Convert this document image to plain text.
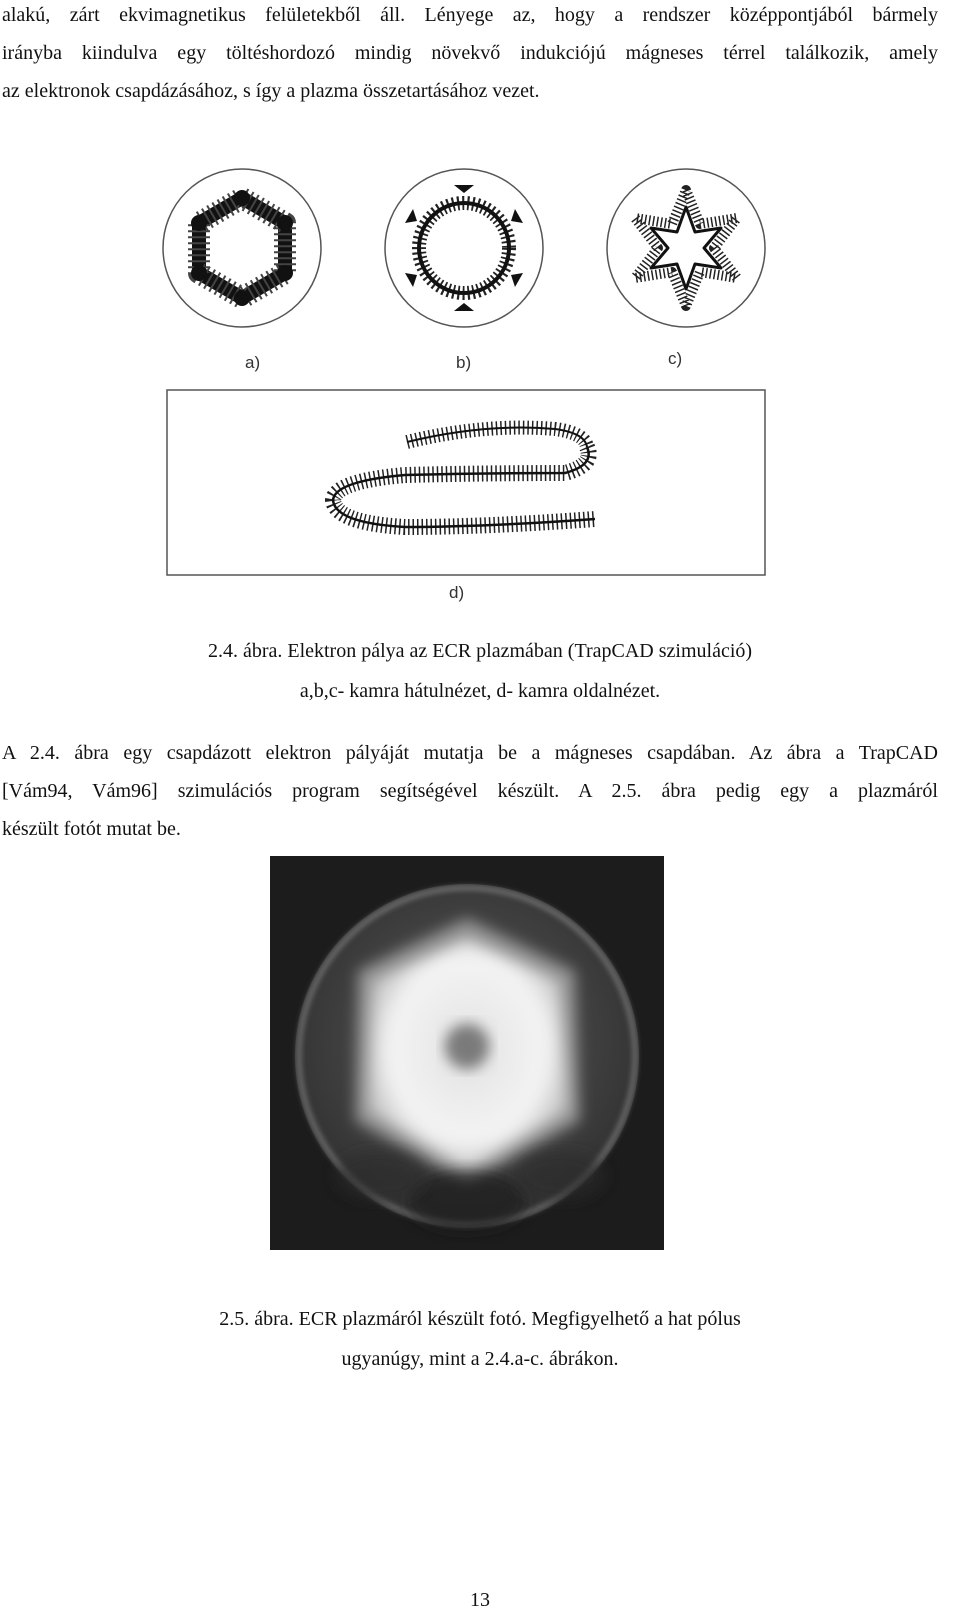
alakú, zárt ekvimagnetikus felületekből áll. Lényege az, hogy a rendszer középpontjából bármely
irányba kiindulva egy töltéshordozó mindig növekvő indukciójú mágneses térrel találkozik, amely
az elektronok csapdázásához, s így a plazma összetartásához vezet.
a)	b)	c)
d)
2.4. ábra. Elektron pálya az ECR plazmában (TrapCAD szimuláció)
a,b,c- kamra hátulnézet, d- kamra oldalnézet.
A 2.4. ábra egy csapdázott elektron pályáját mutatja be a mágneses csapdában. Az ábra a TrapCAD
[Vám94, Vám96] szimulációs program segítségével készült. A 2.5. ábra pedig egy a plazmáról
készült fotót mutat be.
2.5. ábra. ECR plazmáról készült fotó. Megfigyelhető a hat pólus
ugyanúgy, mint a 2.4.a-c. ábrákon.
13
